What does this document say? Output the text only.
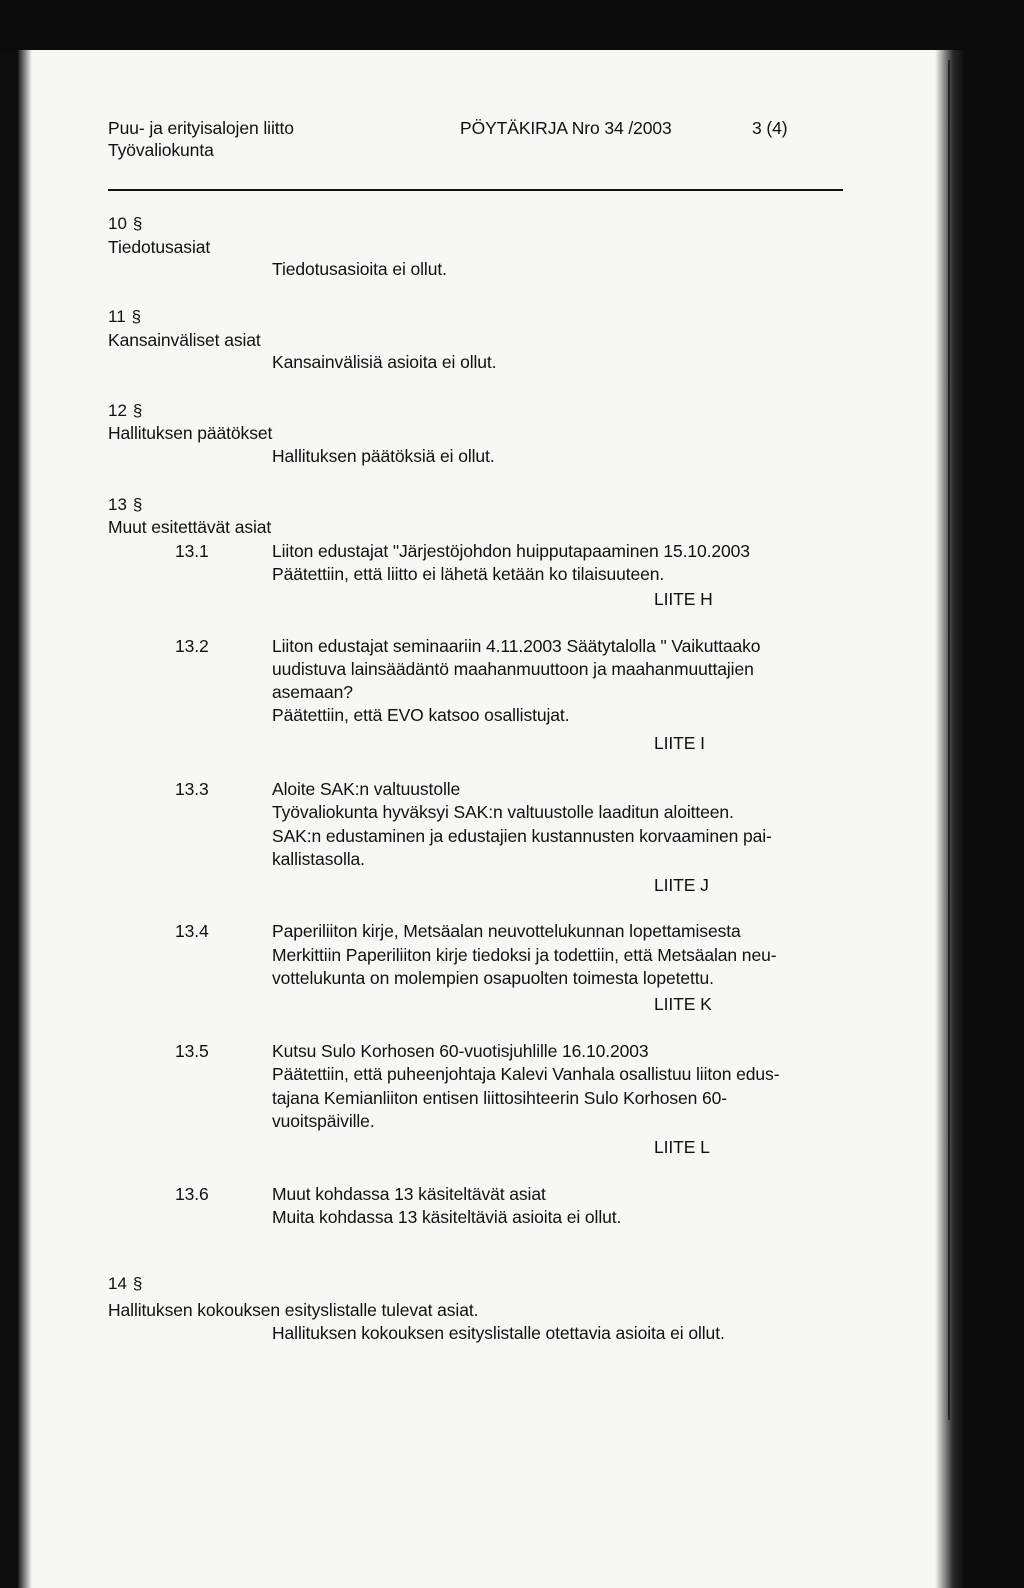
Puu- ja erityisalojen liitto
Työvaliokunta
PÖYTÄKIRJA Nro 34 /2003	3 (4)
10 §
Tiedotusasiat
Tiedotusasioita ei ollut.
11 §
Kansainväliset asiat
Kansainvälisiä asioita ei ollut.
12 §
Hallituksen päätökset
Hallituksen päätöksiä ei ollut.
13 §
Muut esitettävät asiat
13.1	Liiton edustajat "Järjestöjohdon huipputapaaminen 15.10.2003
Päätettiin, että liitto ei lähetä ketään ko tilaisuuteen.
LIITE H
13.2	Liiton edustajat seminaariin 4.11.2003 Säätytalolla " Vaikuttaako
uudistuva lainsäädäntö maahanmuuttoon ja maahanmuuttajien
asemaan?
Päätettiin, että EVO katsoo osallistujat.
LIITE I
13.3	Aloite SAK:n valtuustolle
Työvaliokunta hyväksyi SAK:n valtuustolle laaditun aloitteen.
SAK:n edustaminen ja edustajien kustannusten korvaaminen pai-
kallistasolla.
LIITE J
13.4	Paperiliiton kirje, Metsäalan neuvottelukunnan lopettamisesta
Merkittiin Paperiliiton kirje tiedoksi ja todettiin, että Metsäalan neu-
vottelukunta on molempien osapuolten toimesta lopetettu.
LIITE K
13.5	Kutsu Sulo Korhosen 60-vuotisjuhlille 16.10.2003
Päätettiin, että puheenjohtaja Kalevi Vanhala osallistuu liiton edus-
tajana Kemianliiton entisen liittosihteerin Sulo Korhosen 60-
vuoitspäiville.
LIITE L
13.6	Muut kohdassa 13 käsiteltävät asiat
Muita kohdassa 13 käsiteltäviä asioita ei ollut.
14 §
Hallituksen kokouksen esityslistalle tulevat asiat.
Hallituksen kokouksen esityslistalle otettavia asioita ei ollut.
